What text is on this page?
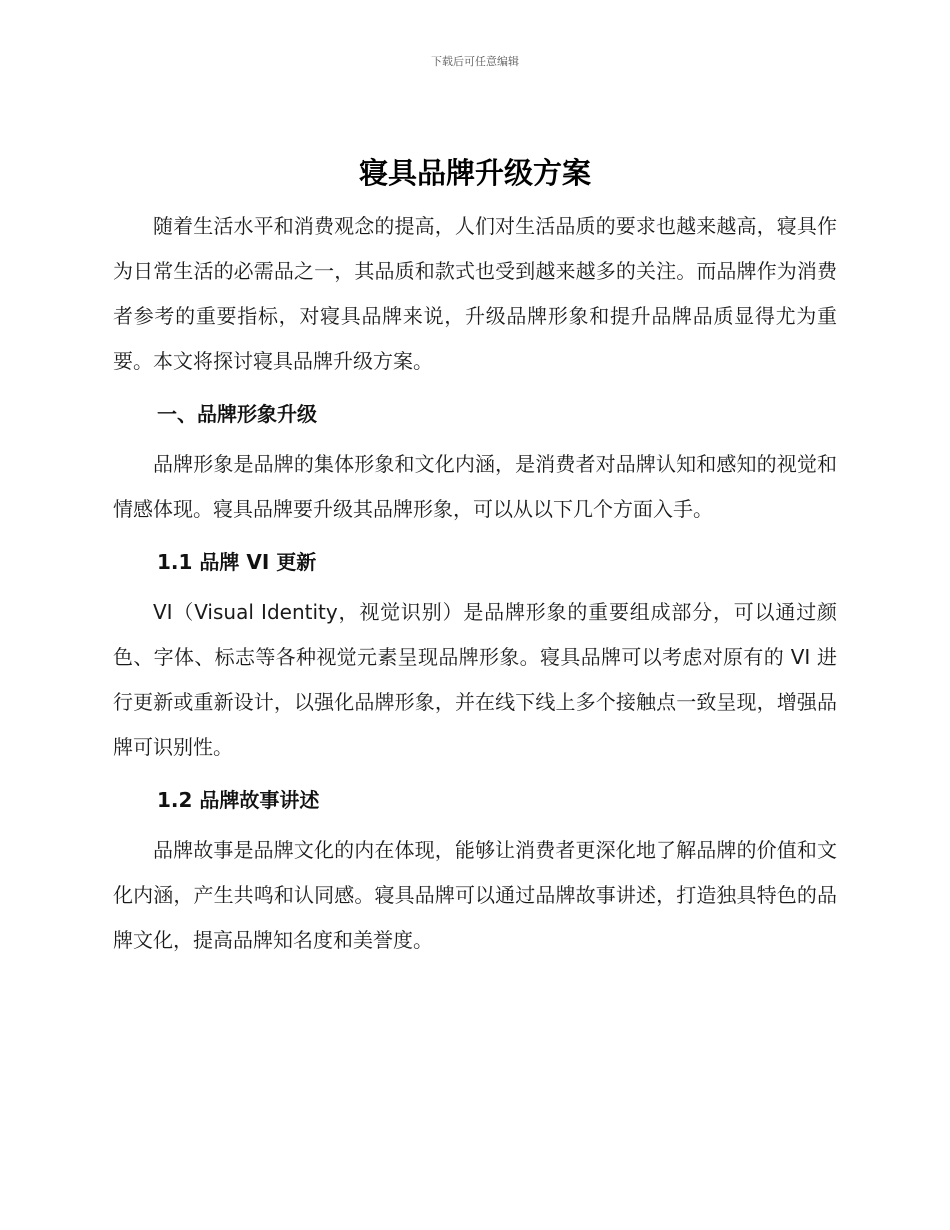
下载后可任意编辑
寝具品牌升级方案

随着生活水平和消费观念的提高，人们对生活品质的要求也越来越高，寝具作为日常生活的必需品之一，其品质和款式也受到越来越多的关注。而品牌作为消费者参考的重要指标，对寝具品牌来说，升级品牌形象和提升品牌品质显得尤为重要。本文将探讨寝具品牌升级方案。

一、品牌形象升级

品牌形象是品牌的集体形象和文化内涵，是消费者对品牌认知和感知的视觉和情感体现。寝具品牌要升级其品牌形象，可以从以下几个方面入手。

1.1 品牌 VI 更新

VI（Visual Identity，视觉识别）是品牌形象的重要组成部分，可以通过颜色、字体、标志等各种视觉元素呈现品牌形象。寝具品牌可以考虑对原有的 VI 进行更新或重新设计，以强化品牌形象，并在线下线上多个接触点一致呈现，增强品牌可识别性。

1.2 品牌故事讲述

品牌故事是品牌文化的内在体现，能够让消费者更深化地了解品牌的价值和文化内涵，产生共鸣和认同感。寝具品牌可以通过品牌故事讲述，打造独具特色的品牌文化，提高品牌知名度和美誉度。
